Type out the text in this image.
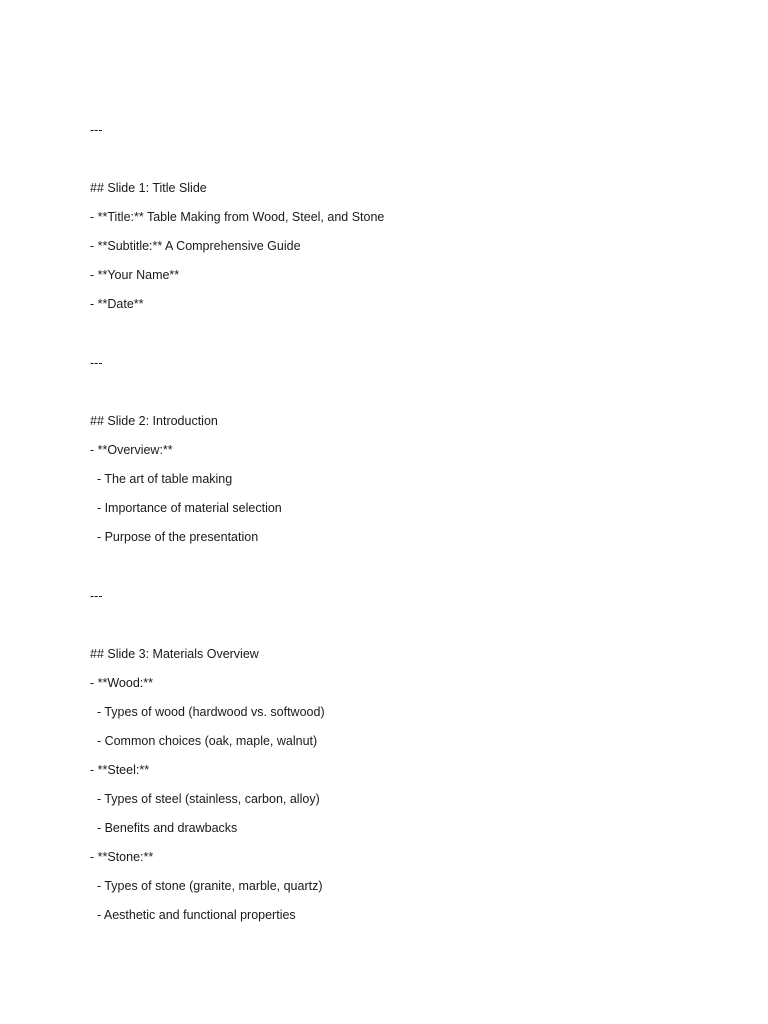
---

## Slide 1: Title Slide

- **Title:** Table Making from Wood, Steel, and Stone

- **Subtitle:** A Comprehensive Guide

- **Your Name**

- **Date**

---

## Slide 2: Introduction

- **Overview:**

- The art of table making

- Importance of material selection

- Purpose of the presentation

---

## Slide 3: Materials Overview

- **Wood:**

- Types of wood (hardwood vs. softwood)

- Common choices (oak, maple, walnut)

- **Steel:**

- Types of steel (stainless, carbon, alloy)

- Benefits and drawbacks

- **Stone:**

- Types of stone (granite, marble, quartz)

- Aesthetic and functional properties
